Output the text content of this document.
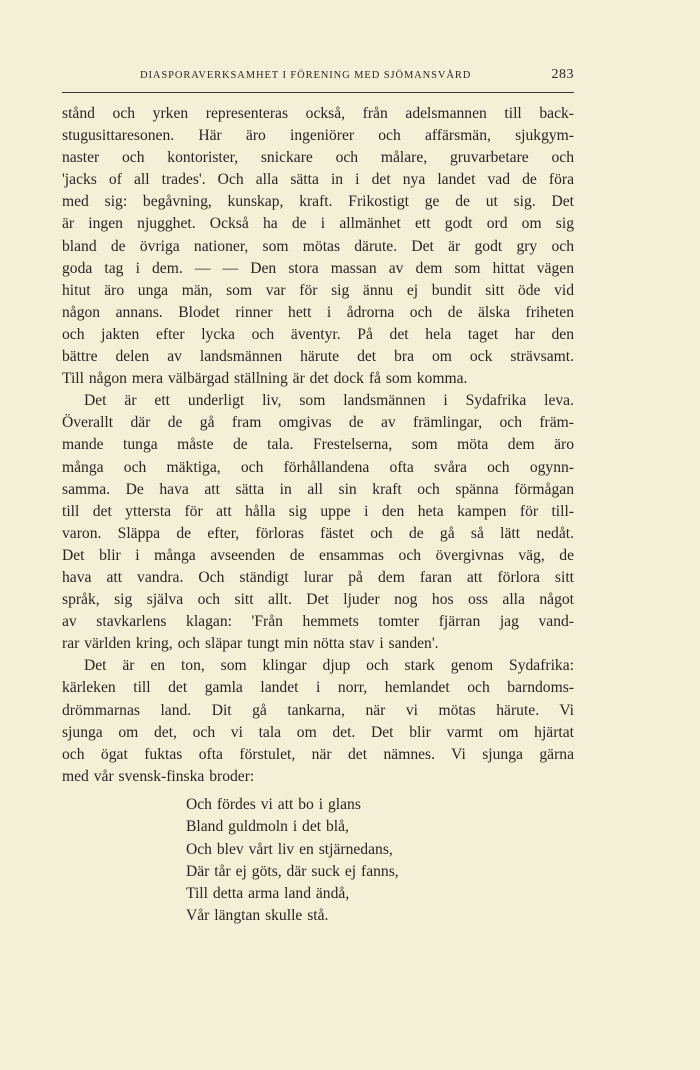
DIASPORAVERKSAMHET I FÖRENING MED SJÖMANSVÅRD	283
stånd och yrken representeras också, från adelsmannen till back-
stugusittaresonen. Här äro ingeniörer och affärsmän, sjukgym-
naster och kontorister, snickare och målare, gruvarbetare och
'jacks of all trades'. Och alla sätta in i det nya landet vad de föra
med sig: begåvning, kunskap, kraft. Frikostigt ge de ut sig. Det
är ingen njugghet. Också ha de i allmänhet ett godt ord om sig
bland de övriga nationer, som mötas därute. Det är godt gry och
goda tag i dem. — — Den stora massan av dem som hittat vägen
hitut äro unga män, som var för sig ännu ej bundit sitt öde vid
någon annans. Blodet rinner hett i ådrorna och de älska friheten
och jakten efter lycka och äventyr. På det hela taget har den
bättre delen av landsmännen härute det bra om ock strävsamt.
Till någon mera välbärgad ställning är det dock få som komma.
Det är ett underligt liv, som landsmännen i Sydafrika leva.
Överallt där de gå fram omgivas de av främlingar, och främ-
mande tunga måste de tala. Frestelserna, som möta dem äro
många och mäktiga, och förhållandena ofta svåra och ogynn-
samma. De hava att sätta in all sin kraft och spänna förmågan
till det yttersta för att hålla sig uppe i den heta kampen för till-
varon. Släppa de efter, förloras fästet och de gå så lätt nedåt.
Det blir i många avseenden de ensammas och övergivnas väg, de
hava att vandra. Och ständigt lurar på dem faran att förlora sitt
språk, sig själva och sitt allt. Det ljuder nog hos oss alla något
av stavkarlens klagan: 'Från hemmets tomter fjärran jag vand-
rar världen kring, och släpar tungt min nötta stav i sanden'.
Det är en ton, som klingar djup och stark genom Sydafrika:
kärleken till det gamla landet i norr, hemlandet och barndoms-
drömmarnas land. Dit gå tankarna, när vi mötas härute. Vi
sjunga om det, och vi tala om det. Det blir varmt om hjärtat
och ögat fuktas ofta förstulet, när det nämnes. Vi sjunga gärna
med vår svensk-finska broder:
Och fördes vi att bo i glans
Bland guldmoln i det blå,
Och blev vårt liv en stjärnedans,
Där tår ej göts, där suck ej fanns,
Till detta arma land ändå,
Vår längtan skulle stå.
